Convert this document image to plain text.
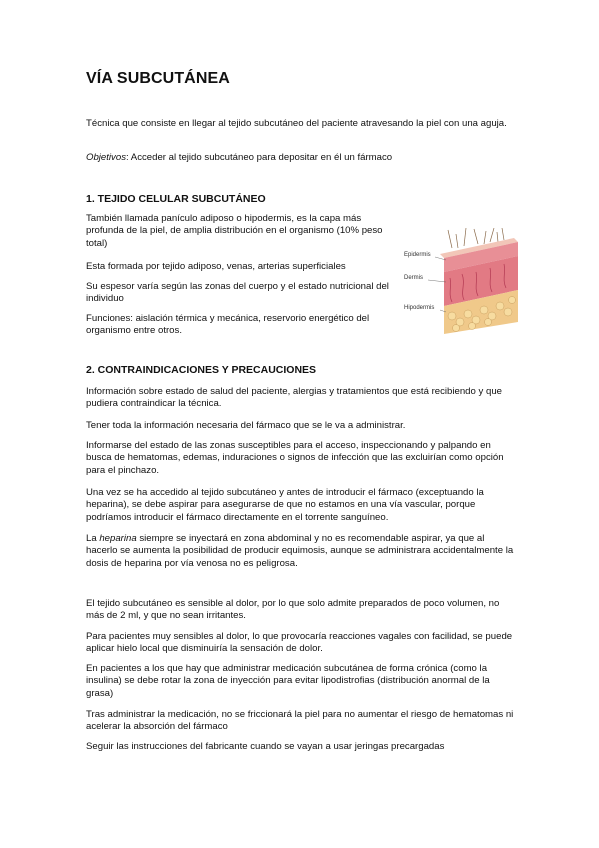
VÍA SUBCUTÁNEA

Técnica que consiste en llegar al tejido subcutáneo del paciente atravesando la piel con una aguja.

Objetivos: Acceder al tejido subcutáneo para depositar en él un fármaco

1. TEJIDO CELULAR SUBCUTÁNEO

También llamada panículo adiposo o hipodermis, es la capa más profunda de la piel, de amplia distribución en el organismo (10% peso total)

Esta formada por tejido adiposo, venas, arterias superficiales

Su espesor varía según las zonas del cuerpo y el estado nutricional del individuo

Funciones: aislación térmica y mecánica, reservorio energético del organismo entre otros.

Epidermis
Dermis
Hipodermis
2. CONTRAINDICACIONES Y PRECAUCIONES

Información sobre estado de salud del paciente, alergias y tratamientos que está recibiendo y que pudiera contraindicar la técnica.

Tener toda la información necesaria del fármaco que se le va a administrar.

Informarse del estado de las zonas susceptibles para el acceso, inspeccionando y palpando en busca de hematomas, edemas, induraciones o signos de infección que las excluirían como opción para el pinchazo.

Una vez se ha accedido al tejido subcutáneo y antes de introducir el fármaco (exceptuando la heparina), se debe aspirar para asegurarse de que no estamos en una vía vascular, porque podríamos introducir el fármaco directamente en el torrente sanguíneo.

La heparina siempre se inyectará en zona abdominal y no es recomendable aspirar, ya que al hacerlo se aumenta la posibilidad de producir equimosis, aunque se administrara accidentalmente la dosis de heparina por vía venosa no es peligrosa.

El tejido subcutáneo es sensible al dolor, por lo que solo admite preparados de poco volumen, no más de 2 ml, y que no sean irritantes.

Para pacientes muy sensibles al dolor, lo que provocaría reacciones vagales con facilidad, se puede aplicar hielo local que disminuiría la sensación de dolor.

En pacientes a los que hay que administrar medicación subcutánea de forma crónica (como la insulina) se debe rotar la zona de inyección para evitar lipodistrofias (distribución anormal de la grasa)

Tras administrar la medicación, no se friccionará la piel para no aumentar el riesgo de hematomas ni acelerar la absorción del fármaco

Seguir las instrucciones del fabricante cuando se vayan a usar jeringas precargadas
